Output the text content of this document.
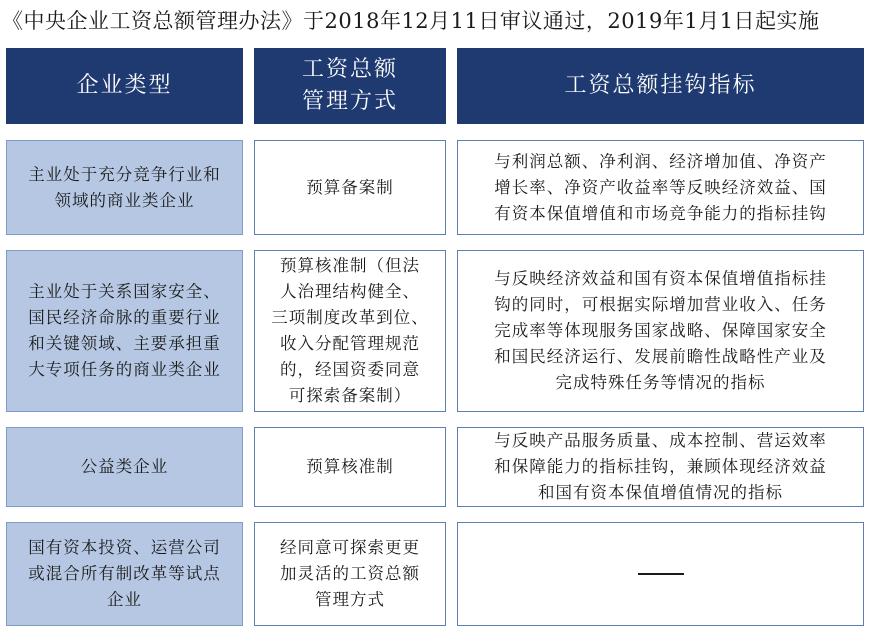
《中央企业工资总额管理办法》于2018年12月11日审议通过，2019年1月1日起实施
企业类型
工资总额
管理方式
工资总额挂钩指标
主业处于充分竞争行业和
领域的商业类企业
预算备案制
与利润总额、净利润、经济增加值、净资产
增长率、净资产收益率等反映经济效益、国
有资本保值增值和市场竞争能力的指标挂钩
主业处于关系国家安全、
国民经济命脉的重要行业
和关键领域、主要承担重
大专项任务的商业类企业
预算核准制（但法
人治理结构健全、
三项制度改革到位、
收入分配管理规范
的，经国资委同意
可探索备案制）
与反映经济效益和国有资本保值增值指标挂
钩的同时，可根据实际增加营业收入、任务
完成率等体现服务国家战略、保障国家安全
和国民经济运行、发展前瞻性战略性产业及
完成特殊任务等情况的指标
公益类企业	预算核准制
与反映产品服务质量、成本控制、营运效率
和保障能力的指标挂钩，兼顾体现经济效益
和国有资本保值增值情况的指标
国有资本投资、运营公司
或混合所有制改革等试点
企业
经同意可探索更更
加灵活的工资总额
管理方式
